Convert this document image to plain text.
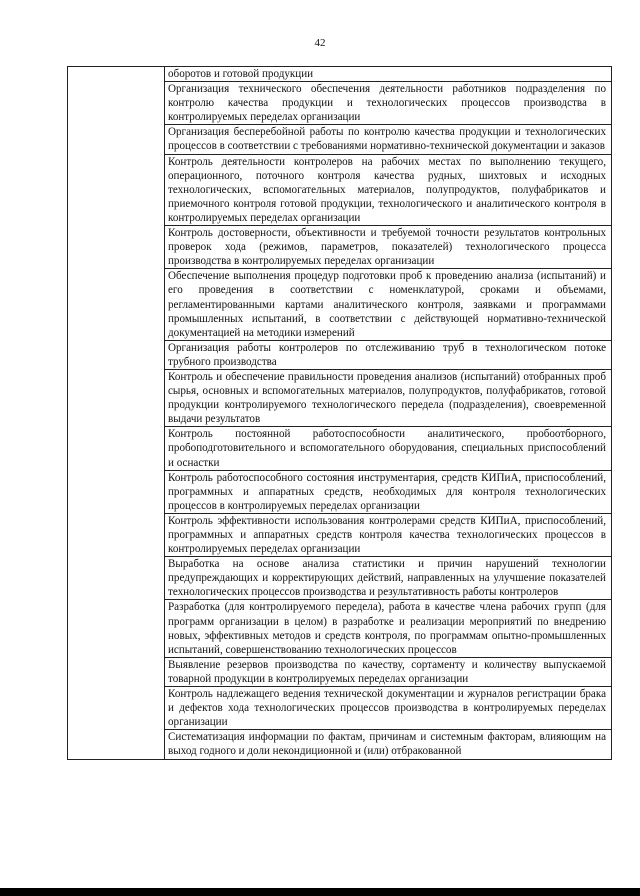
42

оборотов и готовой продукции

Организация технического обеспечения деятельности работников подразделения по контролю качества продукции и технологических процессов производства в контролируемых переделах организации

Организация бесперебойной работы по контролю качества продукции и технологических процессов в соответствии с требованиями нормативно-технической документации и заказов

Контроль деятельности контролеров на рабочих местах по выполнению текущего, операционного, поточного контроля качества рудных, шихтовых и исходных технологических, вспомогательных материалов, полупродуктов, полуфабрикатов и приемочного контроля готовой продукции, технологического и аналитического контроля в контролируемых переделах организации

Контроль достоверности, объективности и требуемой точности результатов контрольных проверок хода (режимов, параметров, показателей) технологического процесса производства в контролируемых переделах организации

Обеспечение выполнения процедур подготовки проб к проведению анализа (испытаний) и его проведения в соответствии с номенклатурой, сроками и объемами, регламентированными картами аналитического контроля, заявками и программами промышленных испытаний, в соответствии с действующей нормативно-технической документацией на методики измерений

Организация работы контролеров по отслеживанию труб в технологическом потоке трубного производства

Контроль и обеспечение правильности проведения анализов (испытаний) отобранных проб сырья, основных и вспомогательных материалов, полупродуктов, полуфабрикатов, готовой продукции контролируемого технологического передела (подразделения), своевременной выдачи результатов

Контроль постоянной работоспособности аналитического, пробоотборного, пробоподготовительного и вспомогательного оборудования, специальных приспособлений и оснастки

Контроль работоспособного состояния инструментария, средств КИПиА, приспособлений, программных и аппаратных средств, необходимых для контроля технологических процессов в контролируемых переделах организации

Контроль эффективности использования контролерами средств КИПиА, приспособлений, программных и аппаратных средств контроля качества технологических процессов в контролируемых переделах организации

Выработка на основе анализа статистики и причин нарушений технологии предупреждающих и корректирующих действий, направленных на улучшение показателей технологических процессов производства и результативность работы контролеров

Разработка (для контролируемого передела), работа в качестве члена рабочих групп (для программ организации в целом) в разработке и реализации мероприятий по внедрению новых, эффективных методов и средств контроля, по программам опытно-промышленных испытаний, совершенствованию технологических процессов

Выявление резервов производства по качеству, сортаменту и количеству выпускаемой товарной продукции в контролируемых переделах организации

Контроль надлежащего ведения технической документации и журналов регистрации брака и дефектов хода технологических процессов производства в контролируемых переделах организации

Систематизация информации по фактам, причинам и системным факторам, влияющим на выход годного и доли некондиционной и (или) отбракованной
